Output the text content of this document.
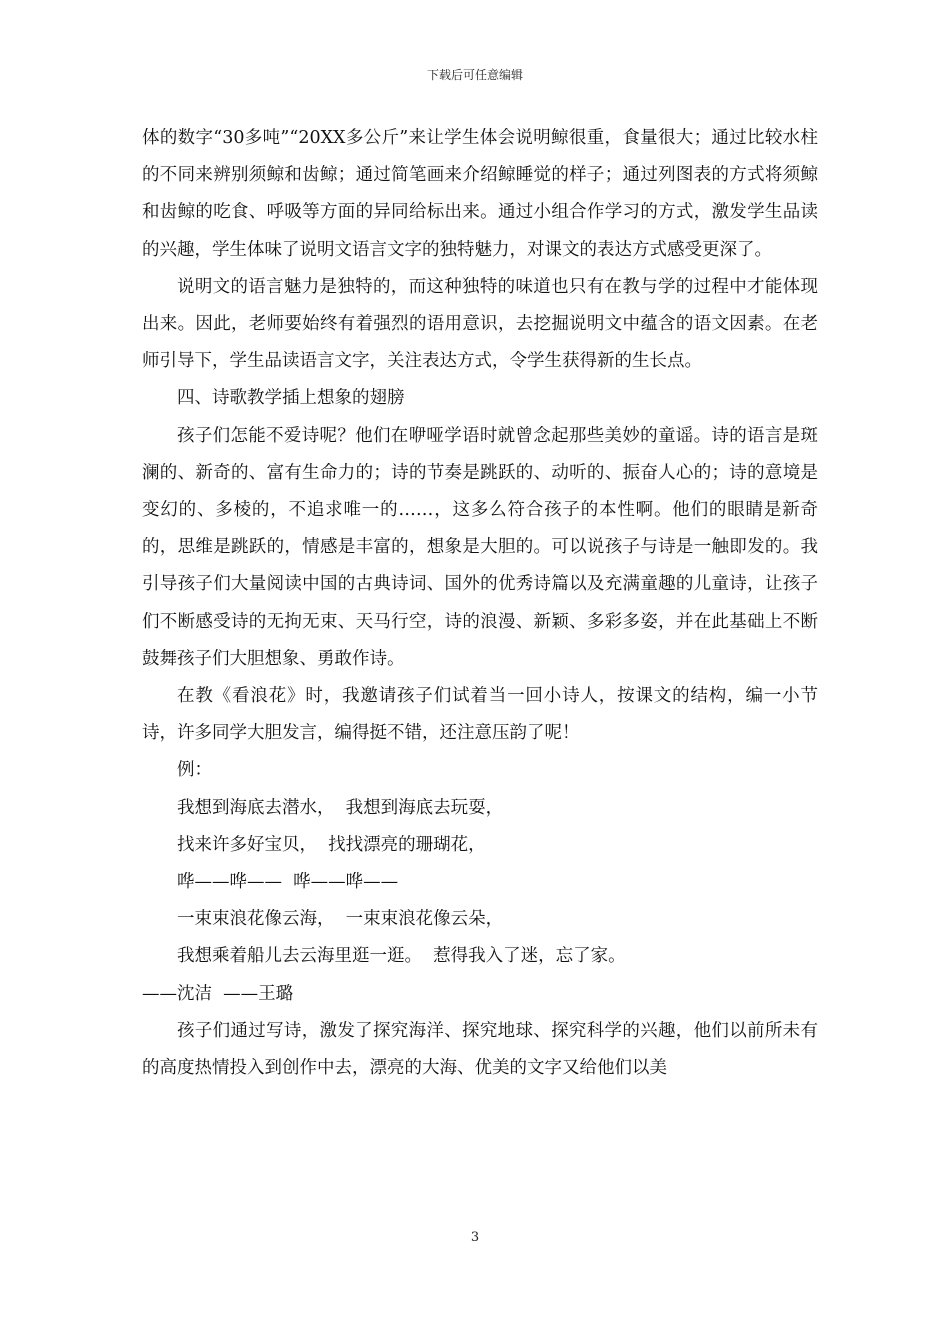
下载后可任意编辑

体的数字“30多吨”“20XX多公斤”来让学生体会说明鲸很重，食量很大；通过比较水柱的不同来辨别须鲸和齿鲸；通过简笔画来介绍鲸睡觉的样子；通过列图表的方式将须鲸和齿鲸的吃食、呼吸等方面的异同给标出来。通过小组合作学习的方式，激发学生品读的兴趣，学生体味了说明文语言文字的独特魅力，对课文的表达方式感受更深了。

说明文的语言魅力是独特的，而这种独特的味道也只有在教与学的过程中才能体现出来。因此，老师要始终有着强烈的语用意识，去挖掘说明文中蕴含的语文因素。在老师引导下，学生品读语言文字，关注表达方式，令学生获得新的生长点。

四、诗歌教学插上想象的翅膀

孩子们怎能不爱诗呢？他们在咿哑学语时就曾念起那些美妙的童谣。诗的语言是斑澜的、新奇的、富有生命力的；诗的节奏是跳跃的、动听的、振奋人心的；诗的意境是变幻的、多棱的，不追求唯一的……，这多么符合孩子的本性啊。他们的眼睛是新奇的，思维是跳跃的，情感是丰富的，想象是大胆的。可以说孩子与诗是一触即发的。我引导孩子们大量阅读中国的古典诗词、国外的优秀诗篇以及充满童趣的儿童诗，让孩子们不断感受诗的无拘无束、天马行空，诗的浪漫、新颖、多彩多姿，并在此基础上不断鼓舞孩子们大胆想象、勇敢作诗。

在教《看浪花》时，我邀请孩子们试着当一回小诗人，按课文的结构，编一小节诗，许多同学大胆发言，编得挺不错，还注意压韵了呢！

例：

我想到海底去潜水，  我想到海底去玩耍，

找来许多好宝贝，  找找漂亮的珊瑚花，

哗——哗——  哗——哗——

一束束浪花像云海，  一束束浪花像云朵，

我想乘着船儿去云海里逛一逛。  惹得我入了迷，忘了家。

——沈洁  ——王璐

孩子们通过写诗，激发了探究海洋、探究地球、探究科学的兴趣，他们以前所未有的高度热情投入到创作中去，漂亮的大海、优美的文字又给他们以美

3
